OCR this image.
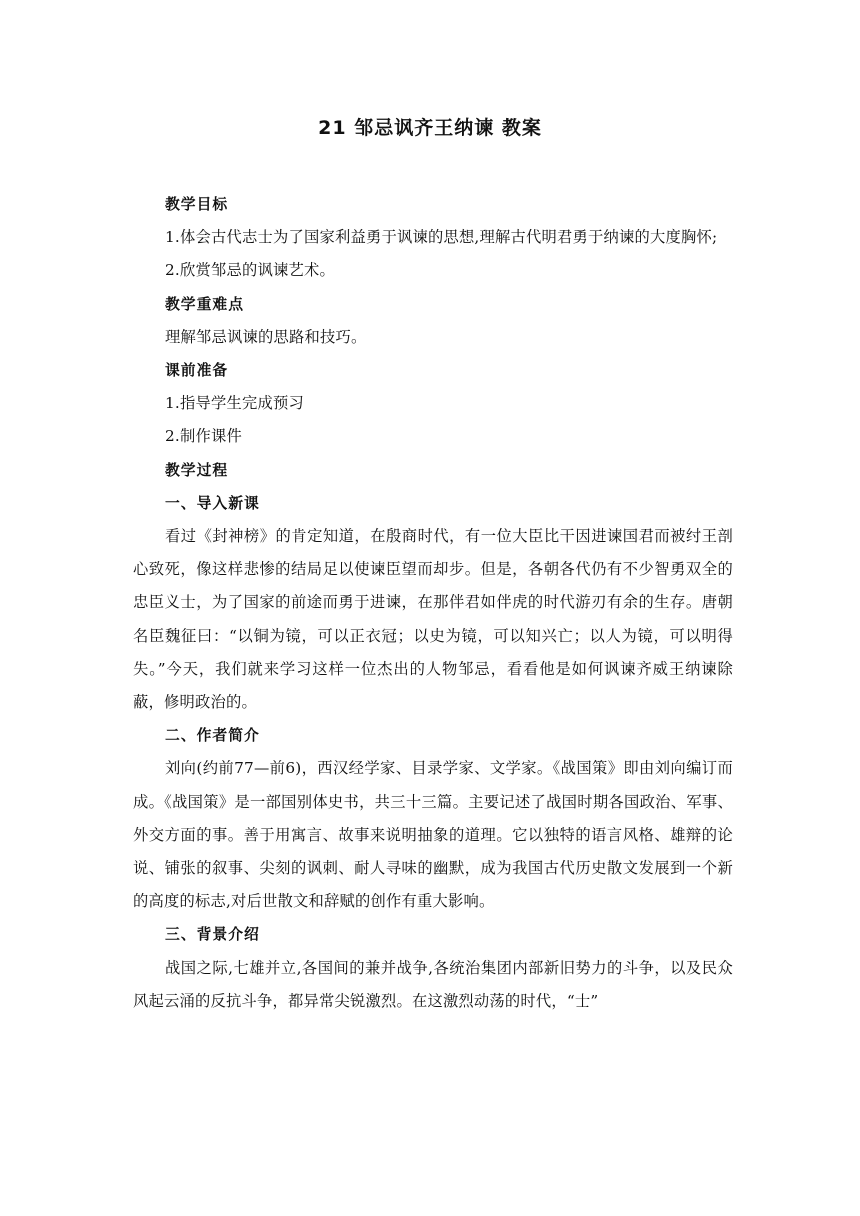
21 邹忌讽齐王纳谏 教案

教学目标

1.体会古代志士为了国家利益勇于讽谏的思想,理解古代明君勇于纳谏的大度胸怀;

2.欣赏邹忌的讽谏艺术。

教学重难点

理解邹忌讽谏的思路和技巧。

课前准备

1.指导学生完成预习

2.制作课件

教学过程

一、导入新课

看过《封神榜》的肯定知道，在殷商时代，有一位大臣比干因进谏国君而被纣王剖心致死，像这样悲惨的结局足以使谏臣望而却步。但是，各朝各代仍有不少智勇双全的忠臣义士，为了国家的前途而勇于进谏，在那伴君如伴虎的时代游刃有余的生存。唐朝名臣魏征曰：“以铜为镜，可以正衣冠；以史为镜，可以知兴亡；以人为镜，可以明得失。”今天，我们就来学习这样一位杰出的人物邹忌，看看他是如何讽谏齐威王纳谏除蔽，修明政治的。

二、作者简介

刘向(约前77—前6)，西汉经学家、目录学家、文学家。《战国策》即由刘向编订而成。《战国策》是一部国别体史书，共三十三篇。主要记述了战国时期各国政治、军事、外交方面的事。善于用寓言、故事来说明抽象的道理。它以独特的语言风格、雄辩的论说、铺张的叙事、尖刻的讽刺、耐人寻味的幽默，成为我国古代历史散文发展到一个新的高度的标志,对后世散文和辞赋的创作有重大影响。

三、背景介绍

战国之际,七雄并立,各国间的兼并战争,各统治集团内部新旧势力的斗争，以及民众风起云涌的反抗斗争，都异常尖锐激烈。在这激烈动荡的时代，“士”
